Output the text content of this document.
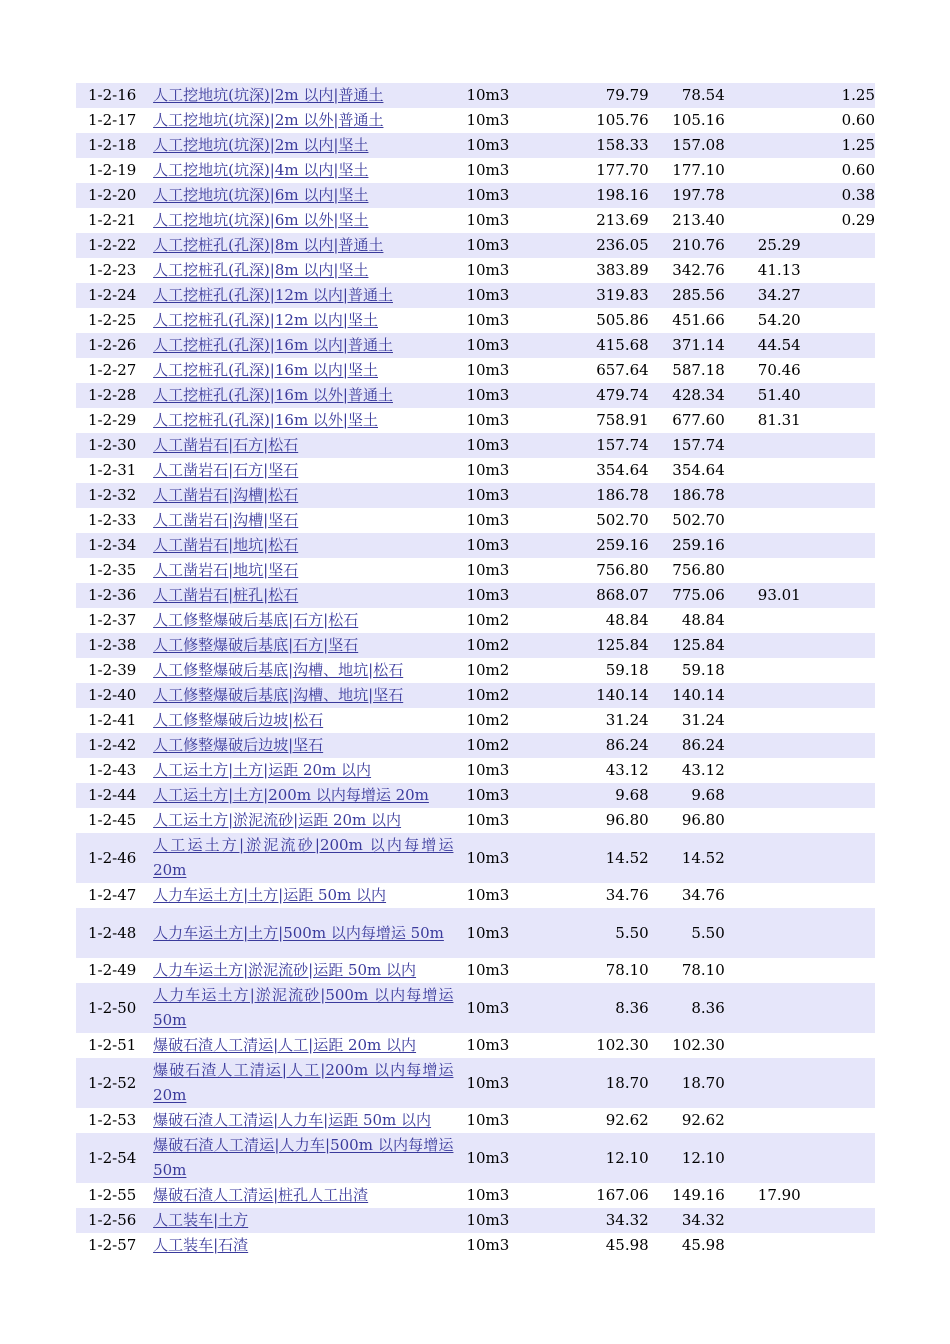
1-2-16	人工挖地坑(坑深)|2m 以内|普通土	10m3	79.79	78.54		1.25
1-2-17	人工挖地坑(坑深)|2m 以外|普通土	10m3	105.76	105.16		0.60
1-2-18	人工挖地坑(坑深)|2m 以内|坚土	10m3	158.33	157.08		1.25
1-2-19	人工挖地坑(坑深)|4m 以内|坚土	10m3	177.70	177.10		0.60
1-2-20	人工挖地坑(坑深)|6m 以内|坚土	10m3	198.16	197.78		0.38
1-2-21	人工挖地坑(坑深)|6m 以外|坚土	10m3	213.69	213.40		0.29
1-2-22	人工挖桩孔(孔深)|8m 以内|普通土	10m3	236.05	210.76	25.29	
1-2-23	人工挖桩孔(孔深)|8m 以内|坚土	10m3	383.89	342.76	41.13	
1-2-24	人工挖桩孔(孔深)|12m 以内|普通土	10m3	319.83	285.56	34.27	
1-2-25	人工挖桩孔(孔深)|12m 以内|坚土	10m3	505.86	451.66	54.20	
1-2-26	人工挖桩孔(孔深)|16m 以内|普通土	10m3	415.68	371.14	44.54	
1-2-27	人工挖桩孔(孔深)|16m 以内|坚土	10m3	657.64	587.18	70.46	
1-2-28	人工挖桩孔(孔深)|16m 以外|普通土	10m3	479.74	428.34	51.40	
1-2-29	人工挖桩孔(孔深)|16m 以外|坚土	10m3	758.91	677.60	81.31	
1-2-30	人工凿岩石|石方|松石	10m3	157.74	157.74		
1-2-31	人工凿岩石|石方|坚石	10m3	354.64	354.64		
1-2-32	人工凿岩石|沟槽|松石	10m3	186.78	186.78		
1-2-33	人工凿岩石|沟槽|坚石	10m3	502.70	502.70		
1-2-34	人工凿岩石|地坑|松石	10m3	259.16	259.16		
1-2-35	人工凿岩石|地坑|坚石	10m3	756.80	756.80		
1-2-36	人工凿岩石|桩孔|松石	10m3	868.07	775.06	93.01	
1-2-37	人工修整爆破后基底|石方|松石	10m2	48.84	48.84		
1-2-38	人工修整爆破后基底|石方|坚石	10m2	125.84	125.84		
1-2-39	人工修整爆破后基底|沟槽、地坑|松石	10m2	59.18	59.18		
1-2-40	人工修整爆破后基底|沟槽、地坑|坚石	10m2	140.14	140.14		
1-2-41	人工修整爆破后边坡|松石	10m2	31.24	31.24		
1-2-42	人工修整爆破后边坡|坚石	10m2	86.24	86.24		
1-2-43	人工运土方|土方|运距 20m 以内	10m3	43.12	43.12		
1-2-44	人工运土方|土方|200m 以内每增运 20m	10m3	9.68	9.68		
1-2-45	人工运土方|淤泥流砂|运距 20m 以内	10m3	96.80	96.80		
1-2-46	人工运土方|淤泥流砂|200m 以内每增运 20m	10m3	14.52	14.52		
1-2-47	人力车运土方|土方|运距 50m 以内	10m3	34.76	34.76		
1-2-48	人力车运土方|土方|500m 以内每增运 50m	10m3	5.50	5.50		
1-2-49	人力车运土方|淤泥流砂|运距 50m 以内	10m3	78.10	78.10		
1-2-50	人力车运土方|淤泥流砂|500m 以内每增运 50m	10m3	8.36	8.36		
1-2-51	爆破石渣人工清运|人工|运距 20m 以内	10m3	102.30	102.30		
1-2-52	爆破石渣人工清运|人工|200m 以内每增运 20m	10m3	18.70	18.70		
1-2-53	爆破石渣人工清运|人力车|运距 50m 以内	10m3	92.62	92.62		
1-2-54	爆破石渣人工清运|人力车|500m 以内每增运 50m	10m3	12.10	12.10		
1-2-55	爆破石渣人工清运|桩孔人工出渣	10m3	167.06	149.16	17.90	
1-2-56	人工装车|土方	10m3	34.32	34.32		
1-2-57	人工装车|石渣	10m3	45.98	45.98		
